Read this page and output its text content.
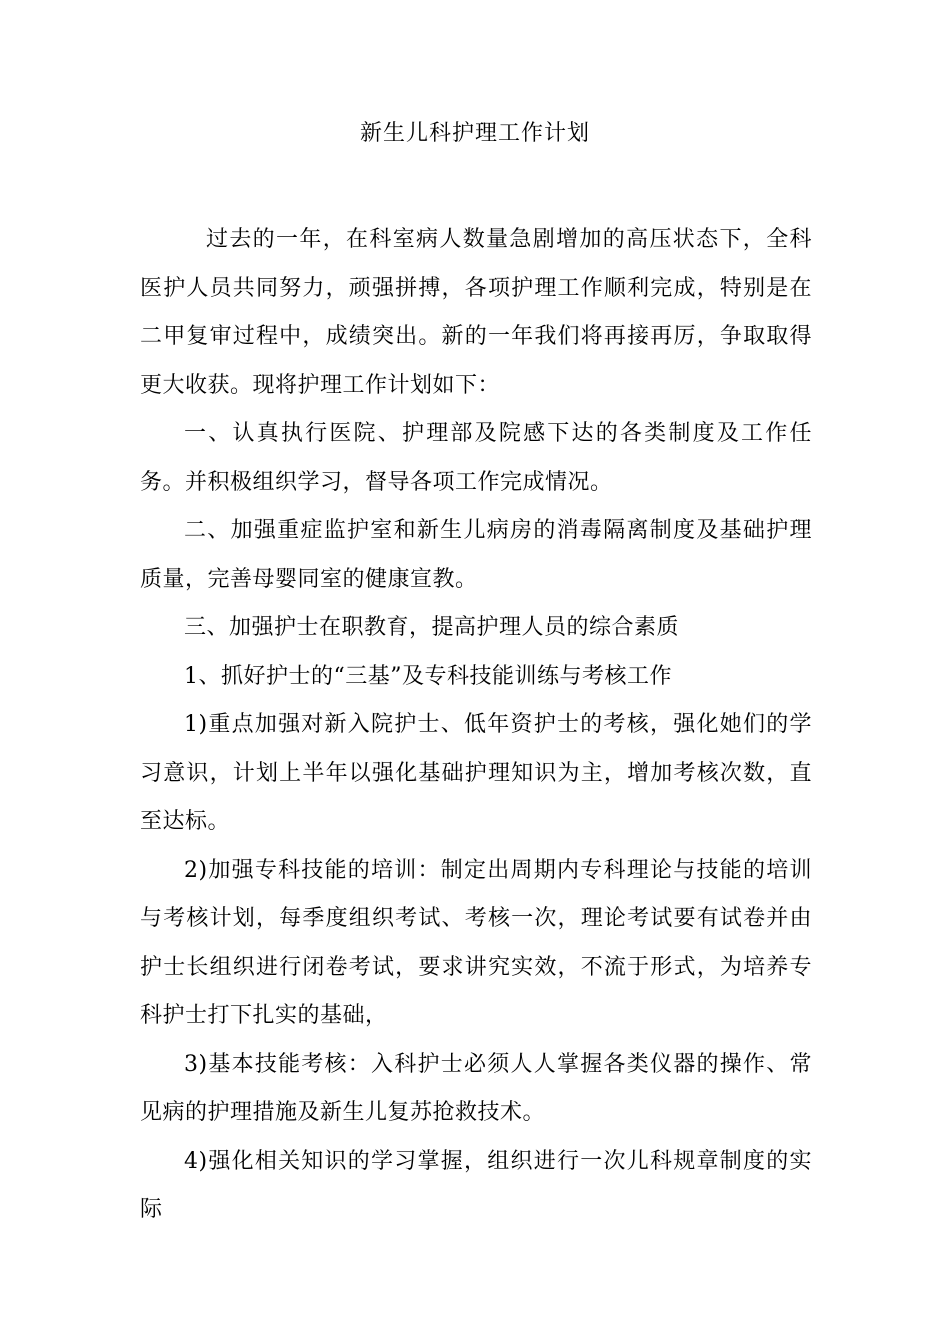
新生儿科护理工作计划

过去的一年，在科室病人数量急剧增加的高压状态下，全科医护人员共同努力，顽强拼搏，各项护理工作顺利完成，特别是在二甲复审过程中，成绩突出。新的一年我们将再接再厉，争取取得更大收获。现将护理工作计划如下：

一、认真执行医院、护理部及院感下达的各类制度及工作任务。并积极组织学习，督导各项工作完成情况。

二、加强重症监护室和新生儿病房的消毒隔离制度及基础护理质量，完善母婴同室的健康宣教。

三、加强护士在职教育，提高护理人员的综合素质

1、抓好护士的“三基”及专科技能训练与考核工作

1)重点加强对新入院护士、低年资护士的考核，强化她们的学习意识，计划上半年以强化基础护理知识为主，增加考核次数，直至达标。

2)加强专科技能的培训：制定出周期内专科理论与技能的培训与考核计划，每季度组织考试、考核一次，理论考试要有试卷并由护士长组织进行闭卷考试，要求讲究实效，不流于形式，为培养专科护士打下扎实的基础，

3)基本技能考核：入科护士必须人人掌握各类仪器的操作、常见病的护理措施及新生儿复苏抢救技术。

4)强化相关知识的学习掌握，组织进行一次儿科规章制度的实际
